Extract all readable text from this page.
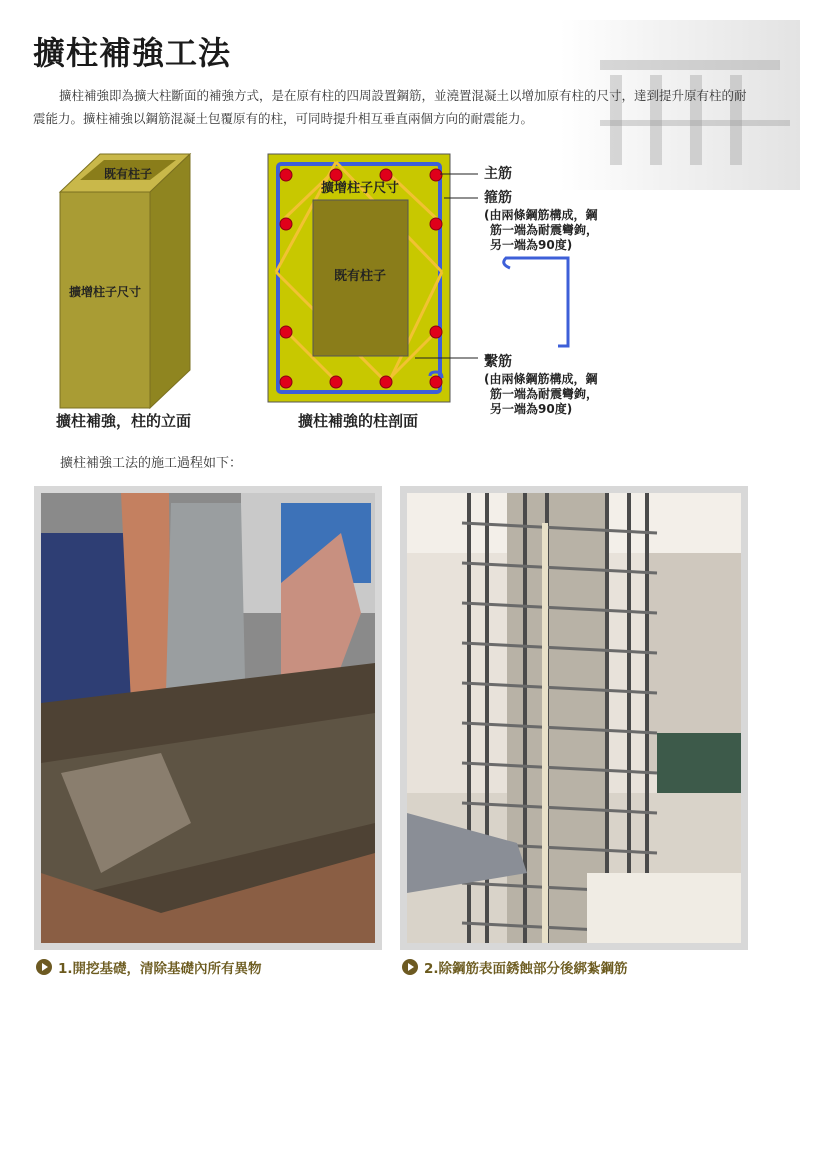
擴柱補強工法
擴柱補強即為擴大柱斷面的補強方式，是在原有柱的四周設置鋼筋，並澆置混凝土以增加原有柱的尺寸，達到提升原有柱的耐震能力。擴柱補強以鋼筋混凝土包覆原有的柱，可同時提升相互垂直兩個方向的耐震能力。
既有柱子
擴增柱子尺寸
擴增柱子尺寸
既有柱子
主筋
箍筋
(由兩條鋼筋構成，鋼
筋一端為耐震彎鉤，
另一端為90度)
繫筋
(由兩條鋼筋構成，鋼
筋一端為耐震彎鉤，
另一端為90度)
擴柱補強，柱的立面	擴柱補強的柱剖面
擴柱補強工法的施工過程如下：
1.開挖基礎，清除基礎內所有異物	2.除鋼筋表面銹蝕部分後綁紮鋼筋
